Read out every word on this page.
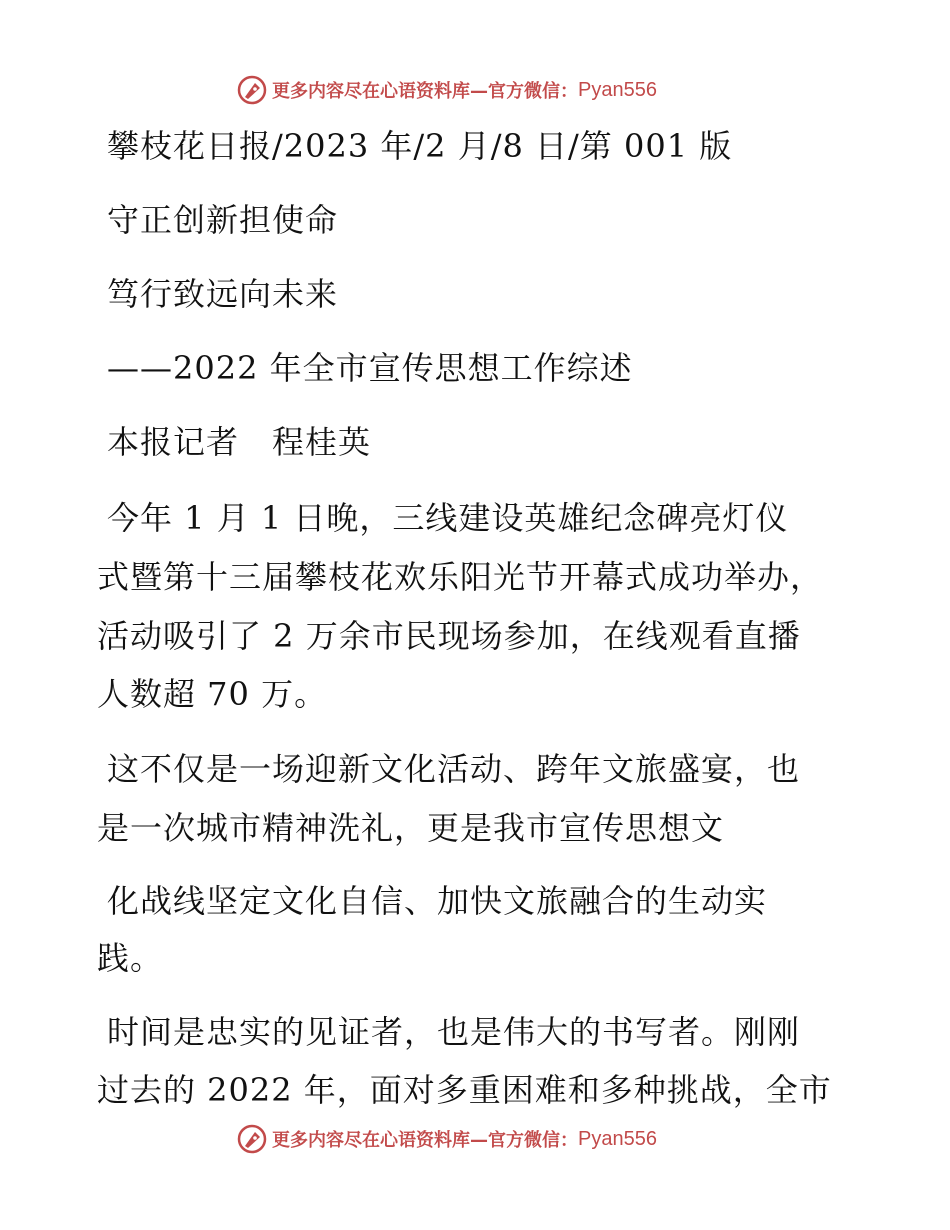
更多内容尽在心语资料库—官方微信： Pyan556
攀枝花日报/2023 年/2 月/8 日/第 001 版
守正创新担使命
笃行致远向未来
——2022 年全市宣传思想工作综述
本报记者　程桂英
今年 1 月 1 日晚，三线建设英雄纪念碑亮灯仪
式暨第十三届攀枝花欢乐阳光节开幕式成功举办，
活动吸引了 2 万余市民现场参加，在线观看直播
人数超 70 万。
这不仅是一场迎新文化活动、跨年文旅盛宴，也
是一次城市精神洗礼，更是我市宣传思想文
化战线坚定文化自信、加快文旅融合的生动实
践。
时间是忠实的见证者，也是伟大的书写者。刚刚
过去的 2022 年，面对多重困难和多种挑战，全市
更多内容尽在心语资料库—官方微信： Pyan556
